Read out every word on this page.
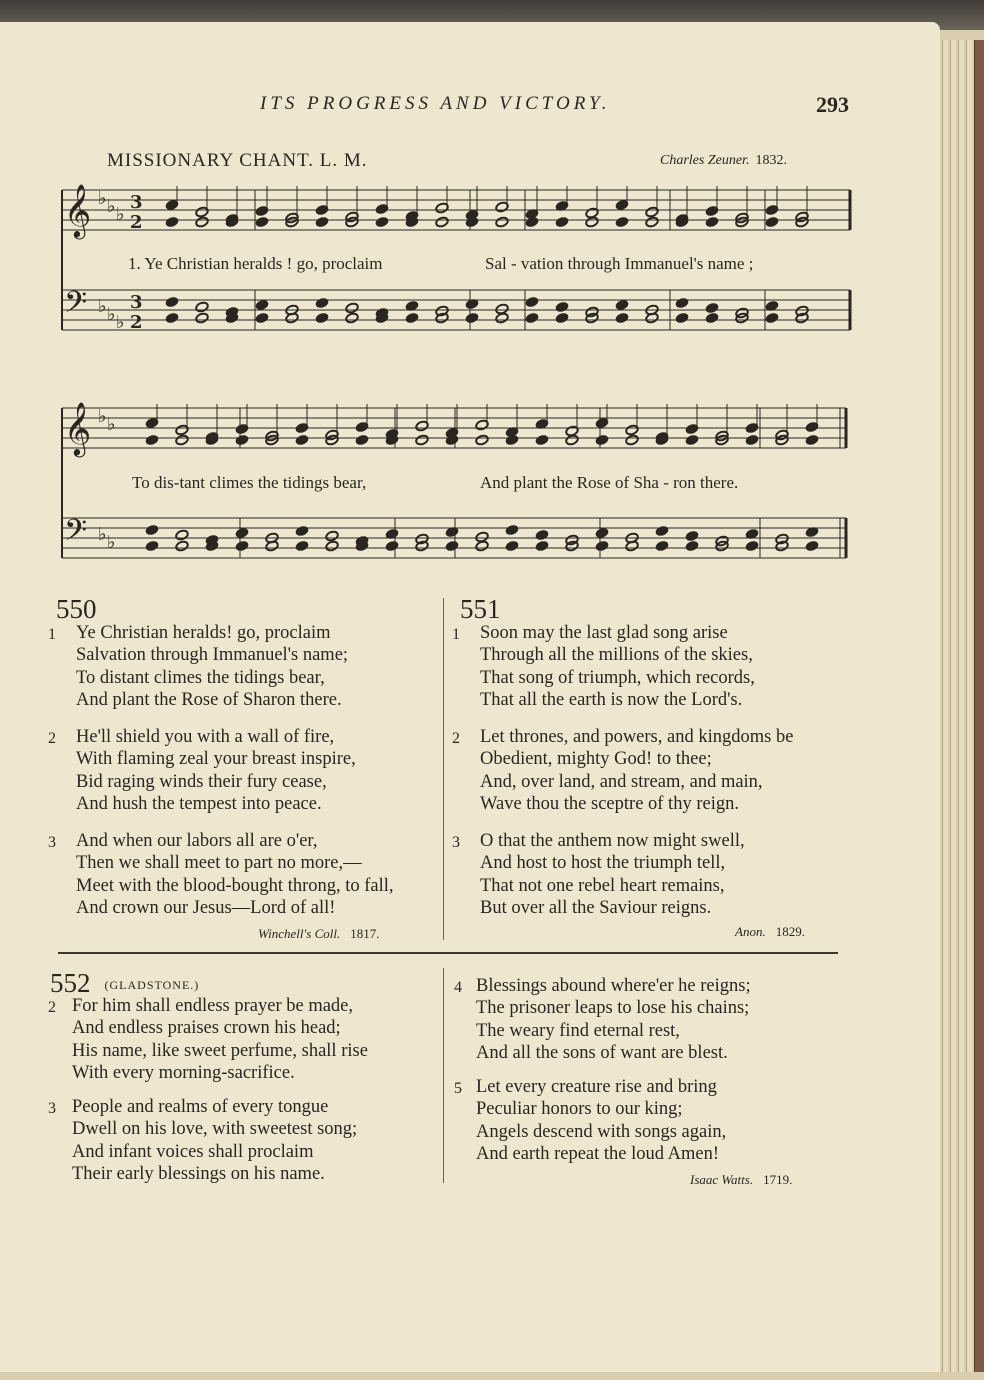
ITS PROGRESS AND VICTORY.	293
MISSIONARY CHANT. L. M.	Charles Zeuner. 1832.
𝄞 ♭ ♭ ♭
3
2
𝄢 ♭ ♭ ♭
3
2
𝄞 ♭ ♭
𝄢 ♭ ♭
1. Ye Christian heralds ! go, proclaim	Sal - vation through Immanuel's name ;
To dis-tant climes the tidings bear,	And plant the Rose of Sha - ron there.
550
1 Ye Christian heralds! go, proclaim
Salvation through Immanuel's name;
To distant climes the tidings bear,
And plant the Rose of Sharon there.
2 He'll shield you with a wall of fire,
With flaming zeal your breast inspire,
Bid raging winds their fury cease,
And hush the tempest into peace.
3 And when our labors all are o'er,
Then we shall meet to part no more,—
Meet with the blood-bought throng, to fall,
And crown our Jesus—Lord of all!
Winchell's Coll. 1817.
551
1 Soon may the last glad song arise
Through all the millions of the skies,
That song of triumph, which records,
That all the earth is now the Lord's.
2 Let thrones, and powers, and kingdoms be
Obedient, mighty God! to thee;
And, over land, and stream, and main,
Wave thou the sceptre of thy reign.
3 O that the anthem now might swell,
And host to host the triumph tell,
That not one rebel heart remains,
But over all the Saviour reigns.
Anon. 1829.
552 (GLADSTONE.)
2 For him shall endless prayer be made,
And endless praises crown his head;
His name, like sweet perfume, shall rise
With every morning-sacrifice.
3 People and realms of every tongue
Dwell on his love, with sweetest song;
And infant voices shall proclaim
Their early blessings on his name.
4 Blessings abound where'er he reigns;
The prisoner leaps to lose his chains;
The weary find eternal rest,
And all the sons of want are blest.
5 Let every creature rise and bring
Peculiar honors to our king;
Angels descend with songs again,
And earth repeat the loud Amen!
Isaac Watts. 1719.
